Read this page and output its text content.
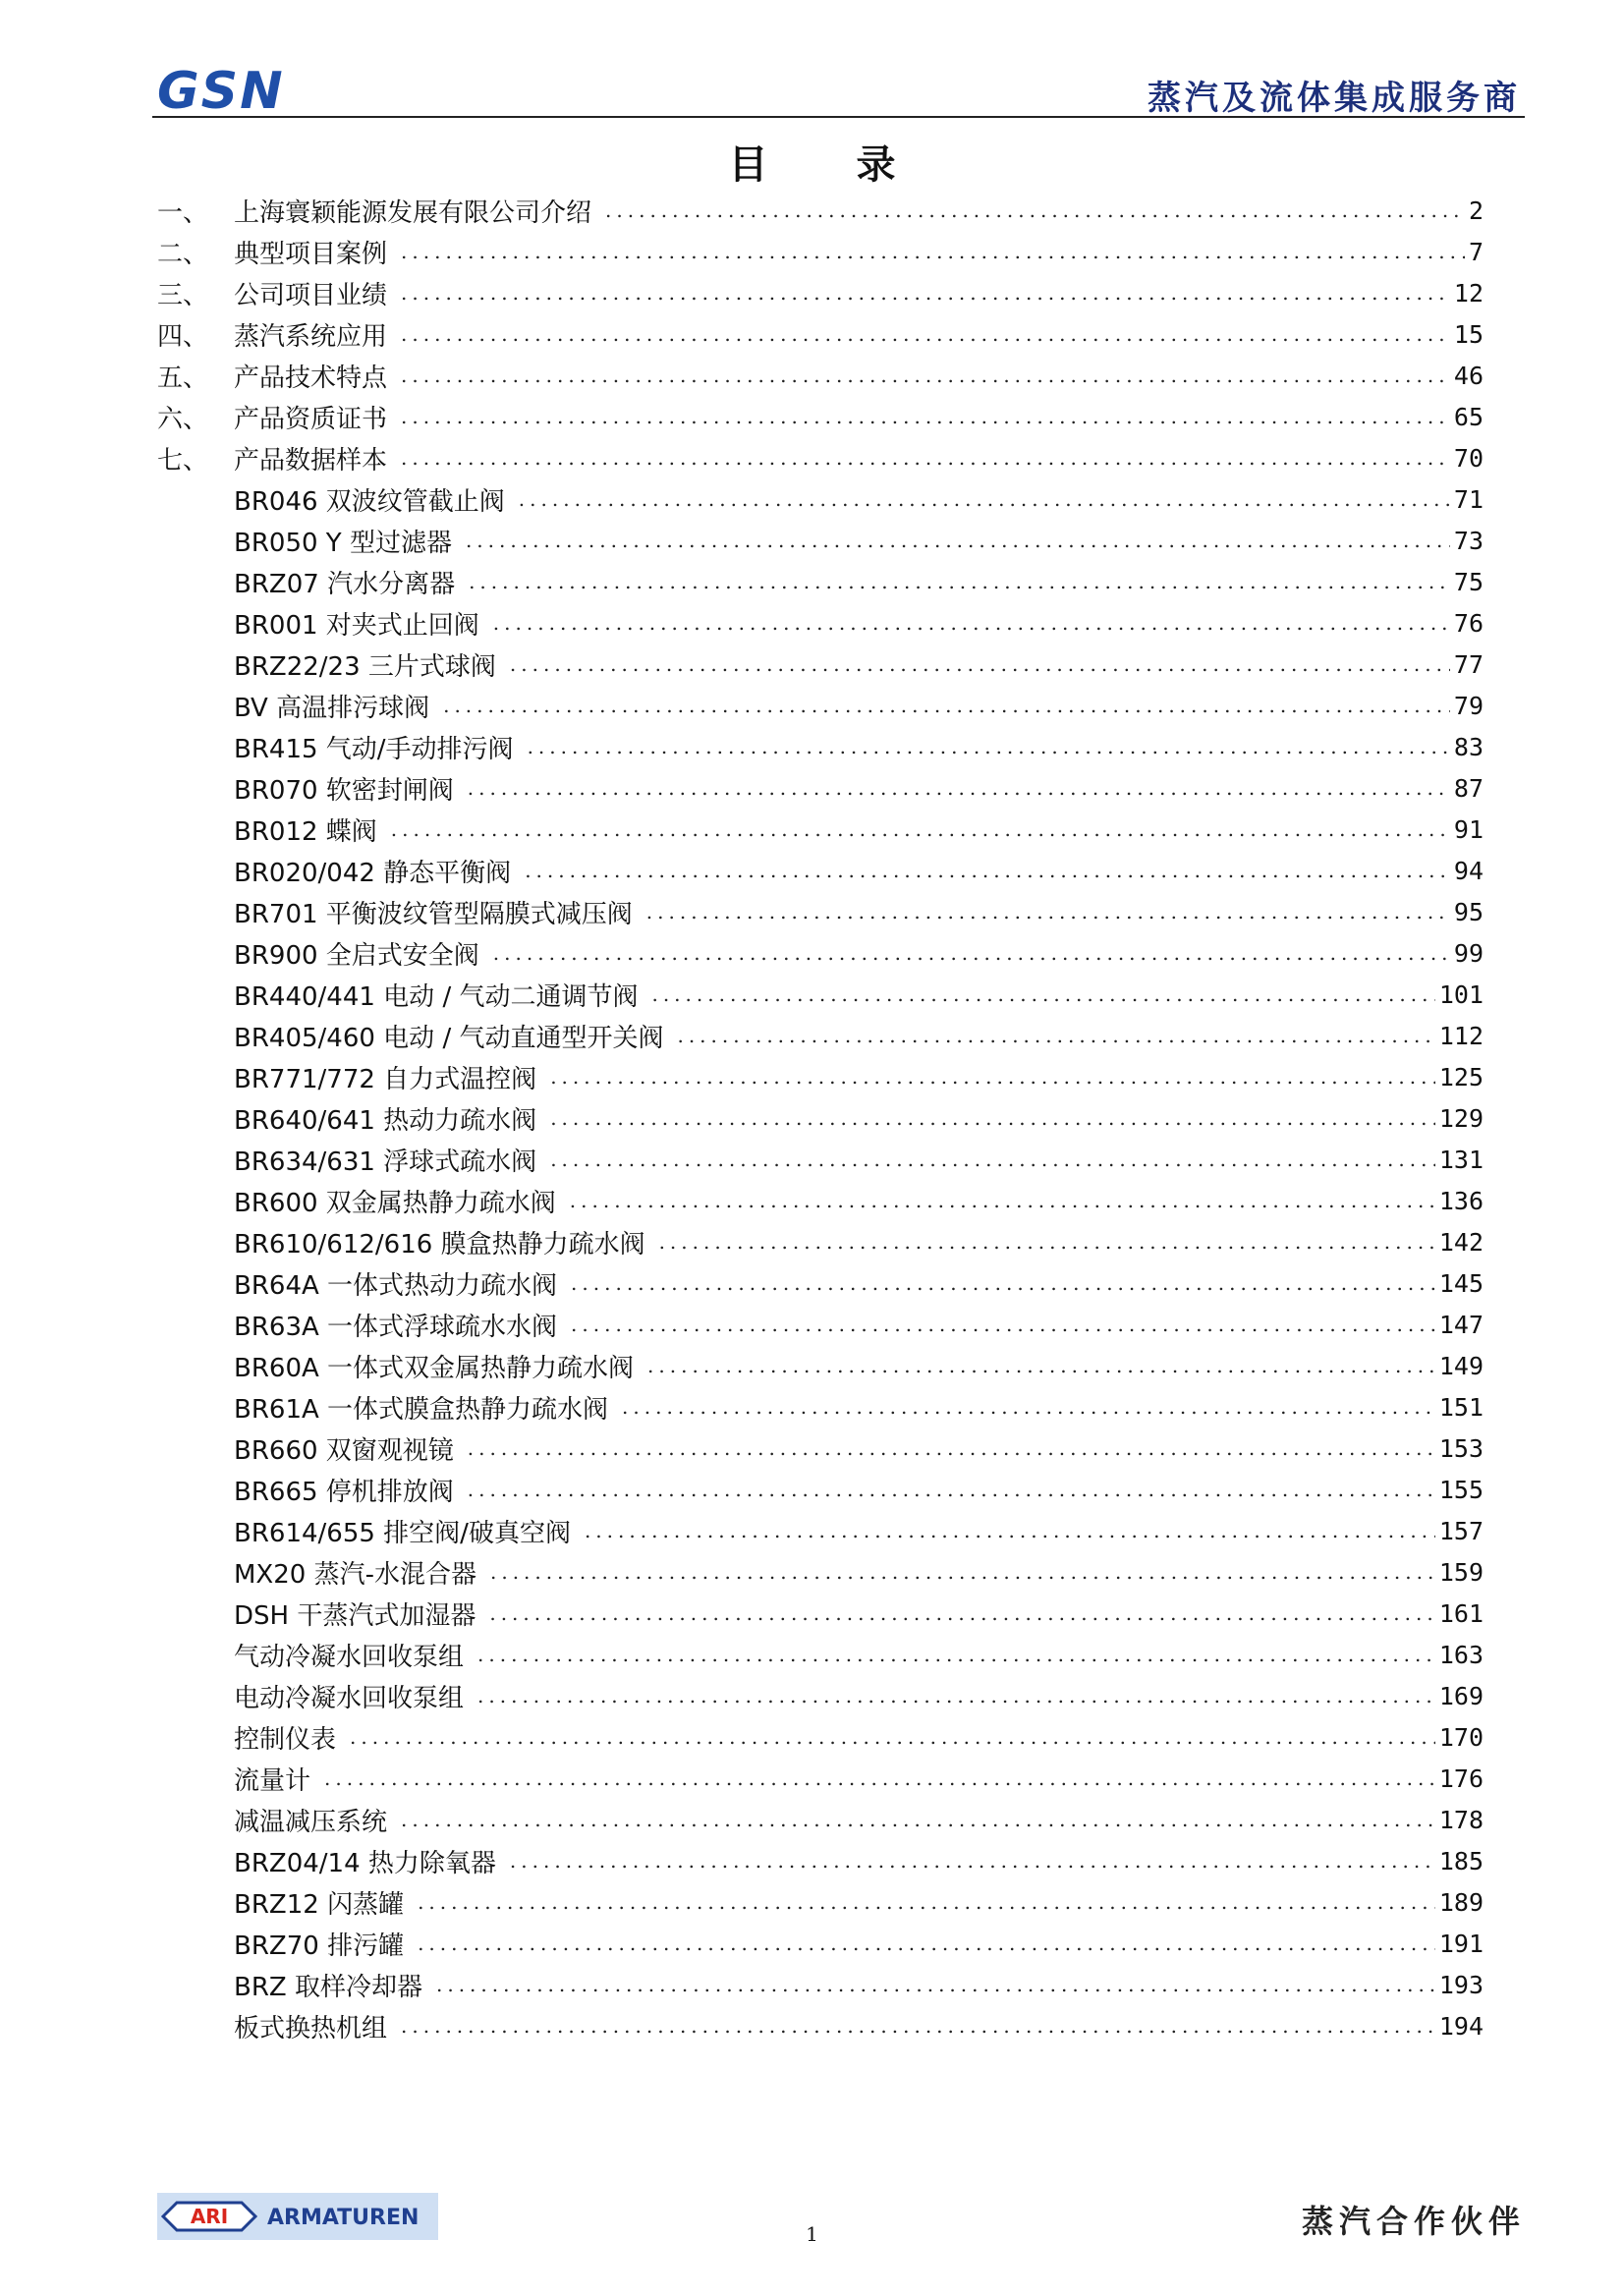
GSN	蒸汽及流体集成服务商
目 录
一、 上海寰颖能源发展有限公司介绍 .....	2
二、 典型项目案例 .....	7
三、 公司项目业绩 .....	12
四、 蒸汽系统应用 .....	15
五、 产品技术特点 .....	46
六、 产品资质证书 .....	65
七、 产品数据样本 .....	70
BR046 双波纹管截止阀 .....	71
BR050 Y 型过滤器 .....	73
BRZ07 汽水分离器 .....	75
BR001 对夹式止回阀 .....	76
BRZ22/23 三片式球阀 .....	77
BV 高温排污球阀 .....	79
BR415 气动/手动排污阀 .....	83
BR070 软密封闸阀 .....	87
BR012 蝶阀 .....	91
BR020/042 静态平衡阀 .....	94
BR701 平衡波纹管型隔膜式减压阀 .....	95
BR900 全启式安全阀 .....	99
BR440/441 电动 / 气动二通调节阀 .....	101
BR405/460 电动 / 气动直通型开关阀 .....	112
BR771/772 自力式温控阀 .....	125
BR640/641 热动力疏水阀 .....	129
BR634/631 浮球式疏水阀 .....	131
BR600 双金属热静力疏水阀 .....	136
BR610/612/616 膜盒热静力疏水阀 .....	142
BR64A 一体式热动力疏水阀 .....	145
BR63A 一体式浮球疏水水阀 .....	147
BR60A 一体式双金属热静力疏水阀 .....	149
BR61A 一体式膜盒热静力疏水阀 .....	151
BR660 双窗观视镜 .....	153
BR665 停机排放阀 .....	155
BR614/655 排空阀/破真空阀 .....	157
MX20 蒸汽-水混合器 .....	159
DSH 干蒸汽式加湿器 .....	161
气动冷凝水回收泵组 .....	163
电动冷凝水回收泵组 .....	169
控制仪表 .....	170
流量计 .....	176
减温减压系统 .....	178
BRZ04/14 热力除氧器 .....	185
BRZ12 闪蒸罐 .....	189
BRZ70 排污罐 .....	191
BRZ 取样冷却器 .....	193
板式换热机组 .....	194
ARI ARMATUREN
1	蒸汽合作伙伴
